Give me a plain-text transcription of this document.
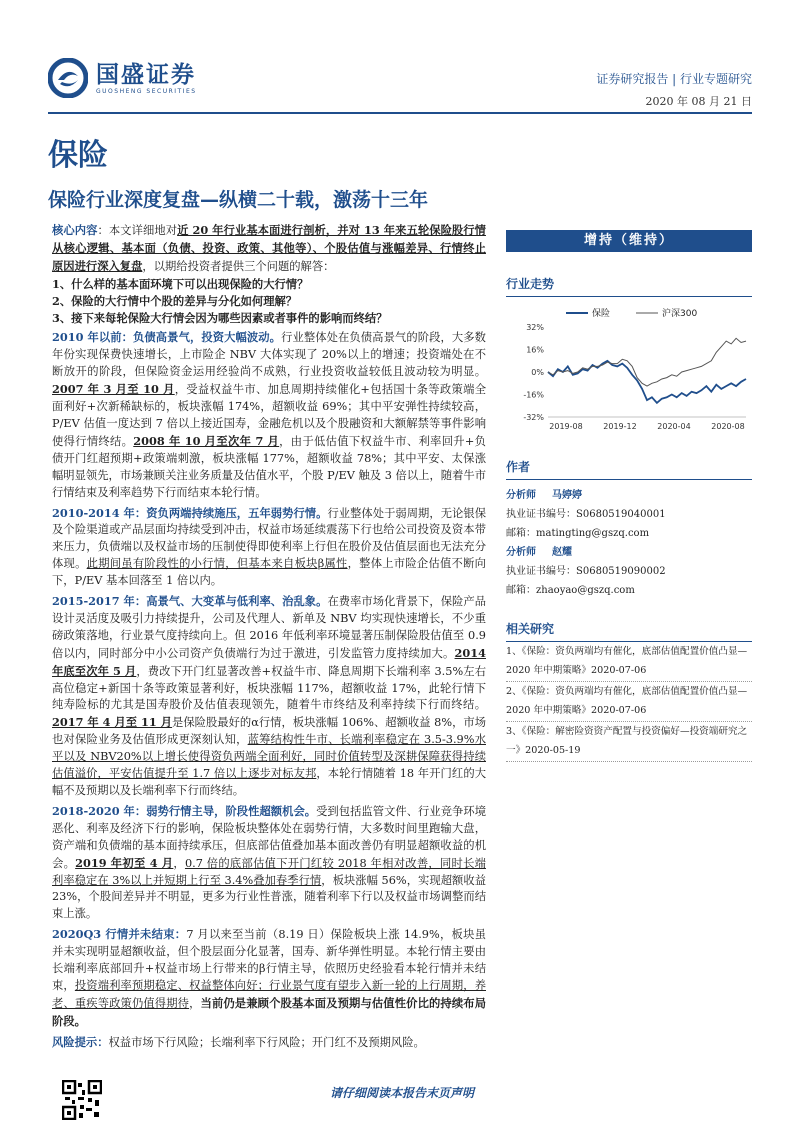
国盛证券
GUOSHENG SECURITIES
证券研究报告 | 行业专题研究
2020 年 08 月 21 日
保险
保险行业深度复盘—纵横二十载，激荡十三年

核心内容：本文详细地对近 20 年行业基本面进行剖析，并对 13 年来五轮保险股行情从核心逻辑、基本面（负债、投资、政策、其他等）、个股估值与涨幅差异、行情终止原因进行深入复盘，以期给投资者提供三个问题的解答：

1、什么样的基本面环境下可以出现保险的大行情？

2、保险的大行情中个股的差异与分化如何理解？

3、接下来每轮保险大行情会因为哪些因素或者事件的影响而终结？

2010 年以前：负债高景气，投资大幅波动。行业整体处在负债高景气的阶段，大多数年份实现保费快速增长，上市险企 NBV 大体实现了 20%以上的增速；投资端处在不断放开的阶段，但保险资金运用经验尚不成熟，行业投资收益较低且波动较为明显。2007 年 3 月至 10 月，受益权益牛市、加息周期持续催化+包括国十条等政策端全面利好+次新稀缺标的，板块涨幅 174%，超额收益 69%；其中平安弹性持续较高，P/EV 估值一度达到 7 倍以上接近国寿，金融危机以及个股融资和大额解禁等事件影响使得行情终结。2008 年 10 月至次年 7 月，由于低估值下权益牛市、利率回升+负债开门红超预期+政策端刺激，板块涨幅 177%，超额收益 78%；其中平安、太保涨幅明显领先，市场兼顾关注业务质量及估值水平，个股 P/EV 触及 3 倍以上，随着牛市行情结束及利率趋势下行而结束本轮行情。

2010-2014 年：资负两端持续施压，五年弱势行情。行业整体处于弱周期，无论银保及个险渠道或产品层面均持续受到冲击，权益市场延续震荡下行也给公司投资及资本带来压力，负债端以及权益市场的压制使得即使利率上行但在股价及估值层面也无法充分体现。此期间虽有阶段性的小行情，但基本来自板块β属性，整体上市险企估值不断向下，P/EV 基本回落至 1 倍以内。

2015-2017 年：高景气、大变革与低利率、治乱象。在费率市场化背景下，保险产品设计灵活度及吸引力持续提升，公司及代理人、新单及 NBV 均实现快速增长，不少重磅政策落地，行业景气度持续向上。但 2016 年低利率环境显著压制保险股估值至 0.9 倍以内，同时部分中小公司资产负债端行为过于激进，引发监管力度持续加大。2014 年底至次年 5 月，费改下开门红显著改善+权益牛市、降息周期下长端利率 3.5%左右高位稳定+新国十条等政策显著利好，板块涨幅 117%，超额收益 17%，此轮行情下纯寿险标的尤其是国寿股价及估值表现领先，随着牛市终结及利率持续下行而终结。2017 年 4 月至 11 月是保险股最好的α行情，板块涨幅 106%、超额收益 8%，市场也对保险业务及估值形成更深刻认知，蓝筹结构性牛市、长端利率稳定在 3.5-3.9%水平以及 NBV20%以上增长使得资负两端全面利好，同时价值转型及深耕保障获得持续估值溢价，平安估值提升至 1.7 倍以上逐步对标友邦，本轮行情随着 18 年开门红的大幅不及预期以及长端利率下行而终结。

2018-2020 年：弱势行情主导，阶段性超额机会。受到包括监管文件、行业竞争环境恶化、利率及经济下行的影响，保险板块整体处在弱势行情，大多数时间里跑输大盘，资产端和负债端的基本面持续承压，但底部估值叠加基本面改善仍有明显超额收益的机会。2019 年初至 4 月，0.7 倍的底部估值下开门红较 2018 年相对改善，同时长端利率稳定在 3%以上并短期上行至 3.4%叠加春季行情，板块涨幅 56%，实现超额收益 23%，个股间差异并不明显，更多为行业性普涨，随着利率下行以及权益市场调整而结束上涨。

2020Q3 行情并未结束：7 月以来至当前（8.19 日）保险板块上涨 14.9%，板块虽并未实现明显超额收益，但个股层面分化显著，国寿、新华弹性明显。本轮行情主要由长端利率底部回升+权益市场上行带来的β行情主导，依照历史经验看本轮行情并未结束，投资端利率预期稳定、权益整体向好；行业景气度有望步入新一轮的上行周期，养老、重疾等政策仍值得期待，当前仍是兼顾个股基本面及预期与估值性价比的持续布局阶段。

风险提示：权益市场下行风险；长端利率下行风险；开门红不及预期风险。

增持（维持）
行业走势
32%
16%
0%
-16%
-32%
2019-08	2019-12	2020-04	2020-08
保险	沪深300
作者
分析师 马婷婷
执业证书编号：S0680519040001
邮箱：matingting@gszq.com
分析师 赵耀
执业证书编号：S0680519090002
邮箱：zhaoyao@gszq.com
相关研究
1、《保险：资负两端均有催化，底部估值配置价值凸显—2020 年中期策略》2020-07-06
2、《保险：资负两端均有催化，底部估值配置价值凸显—2020 年中期策略》2020-07-06
3、《保险：解密险资资产配置与投资偏好—投资端研究之一》2020-05-19
请仔细阅读本报告末页声明
